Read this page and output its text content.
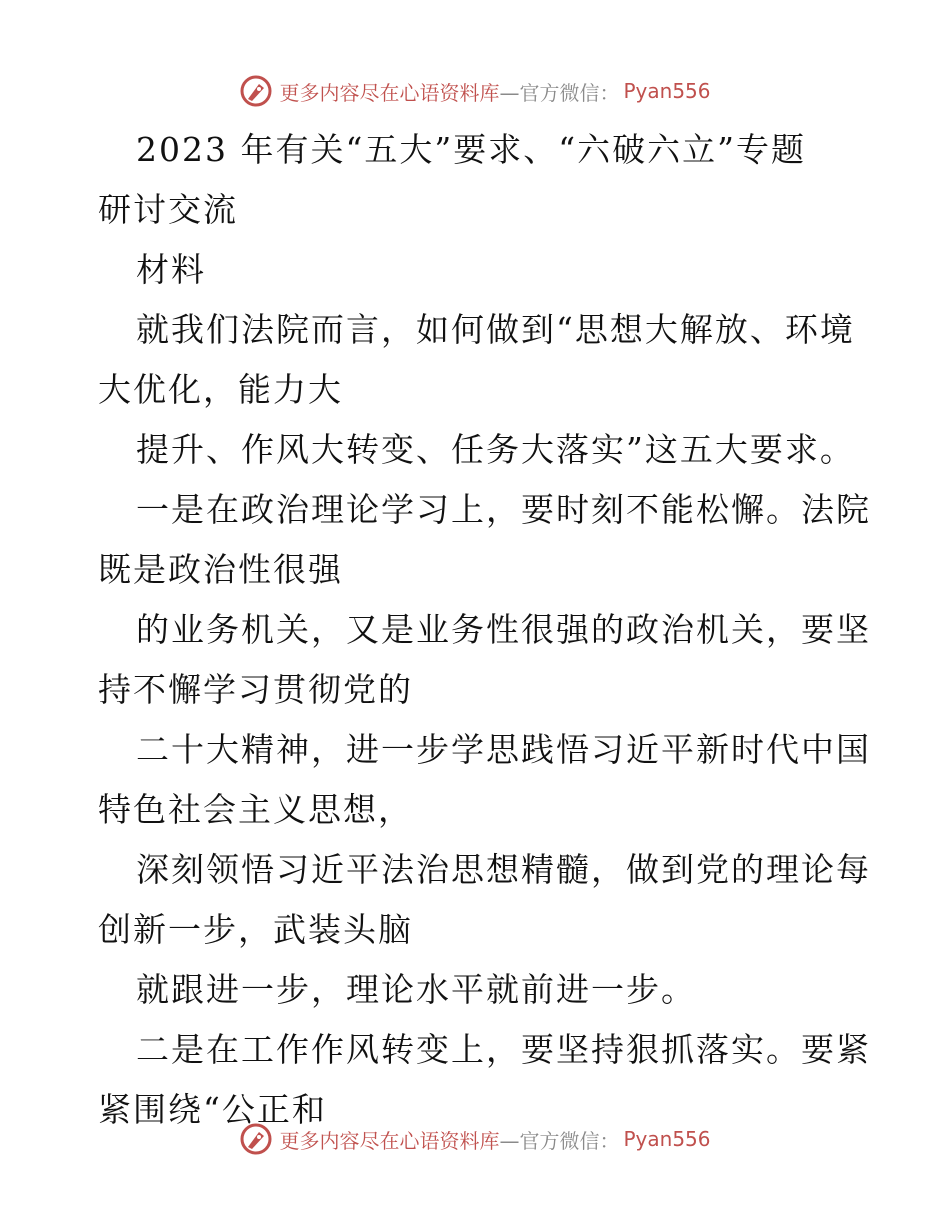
更多内容尽在心语资料库 —官方微信： Pyan556
2023 年有关“五大”要求、“六破六立”专题
研讨交流
材料
就我们法院而言，如何做到“思想大解放、环境
大优化，能力大
提升、作风大转变、任务大落实”这五大要求。
一是在政治理论学习上，要时刻不能松懈。法院
既是政治性很强
的业务机关，又是业务性很强的政治机关，要坚
持不懈学习贯彻党的
二十大精神，进一步学思践悟习近平新时代中国
特色社会主义思想，
深刻领悟习近平法治思想精髓，做到党的理论每
创新一步，武装头脑
就跟进一步，理论水平就前进一步。
二是在工作作风转变上，要坚持狠抓落实。要紧
紧围绕“公正和
更多内容尽在心语资料库 —官方微信： Pyan556
